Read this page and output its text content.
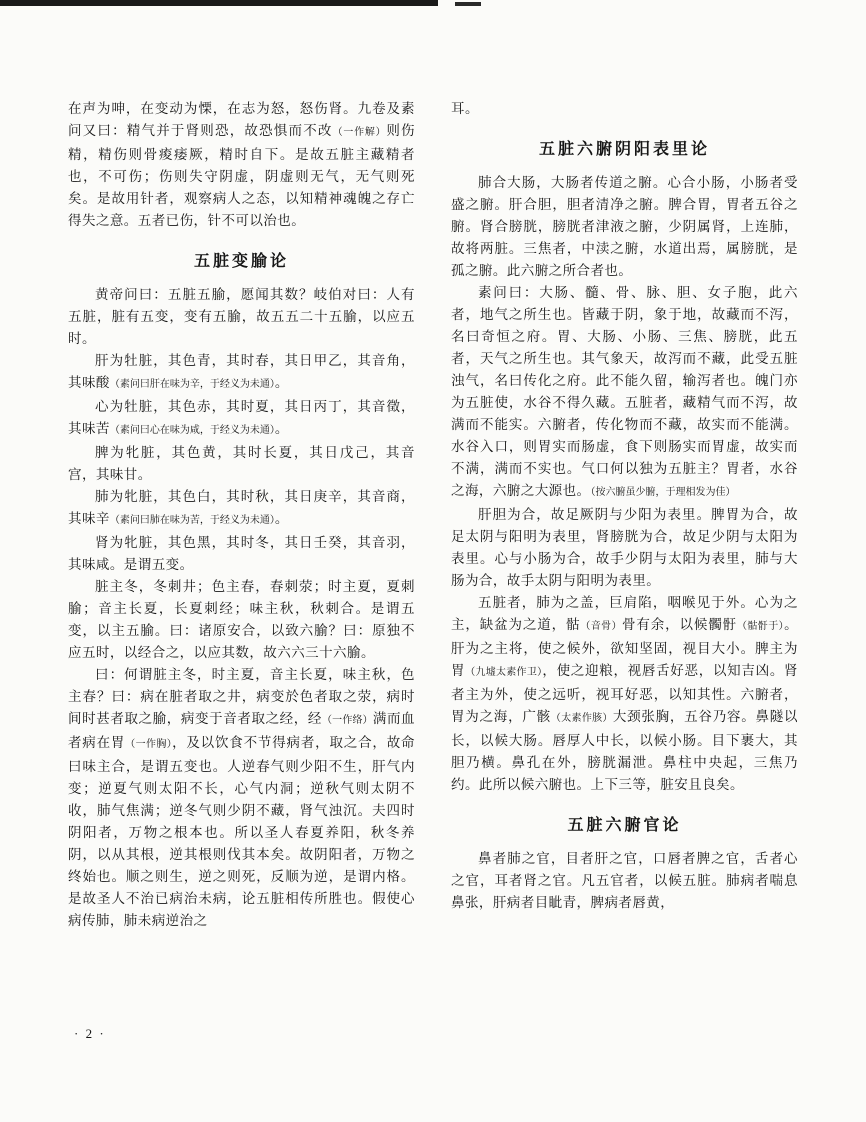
在声为呻，在变动为慄，在志为怒，怒伤肾。九卷及素问又曰：精气并于肾则恐，故恐惧而不改（一作解）则伤精，精伤则骨痠痿厥，精时自下。是故五脏主藏精者也，不可伤；伤则失守阴虚，阴虚则无气，无气则死矣。是故用针者，观察病人之态，以知精神魂魄之存亡得失之意。五者已伤，针不可以治也。

五脏变腧论

黄帝问曰：五脏五腧，愿闻其数？岐伯对曰：人有五脏，脏有五变，变有五腧，故五五二十五腧，以应五时。

肝为牡脏，其色青，其时春，其日甲乙，其音角，其味酸（素问曰肝在味为辛，于经义为未通）。

心为牡脏，其色赤，其时夏，其日丙丁，其音徵，其味苦（素问曰心在味为咸，于经义为未通）。

脾为牝脏，其色黄，其时长夏，其日戊己，其音宫，其味甘。

肺为牝脏，其色白，其时秋，其日庚辛，其音商，其味辛（素问曰肺在味为苦，于经义为未通）。

肾为牝脏，其色黑，其时冬，其日壬癸，其音羽，其味咸。是谓五变。

脏主冬，冬刺井；色主春，春刺荥；时主夏，夏刺腧；音主长夏，长夏刺经；味主秋，秋刺合。是谓五变，以主五腧。曰：诸原安合，以致六腧？曰：原独不应五时，以经合之，以应其数，故六六三十六腧。

曰：何谓脏主冬，时主夏，音主长夏，味主秋，色主春？曰：病在脏者取之井，病变於色者取之荥，病时间时甚者取之腧，病变于音者取之经，经（一作络）满而血者病在胃（一作胸），及以饮食不节得病者，取之合，故命曰味主合，是谓五变也。人逆春气则少阳不生，肝气内变；逆夏气则太阳不长，心气内洞；逆秋气则太阴不收，肺气焦满；逆冬气则少阴不藏，肾气浊沉。夫四时阴阳者，万物之根本也。所以圣人春夏养阳，秋冬养阴，以从其根，逆其根则伐其本矣。故阴阳者，万物之终始也。顺之则生，逆之则死，反顺为逆，是谓内格。是故圣人不治已病治未病，论五脏相传所胜也。假使心病传肺，肺未病逆治之

耳。

五脏六腑阴阳表里论

肺合大肠，大肠者传道之腑。心合小肠，小肠者受盛之腑。肝合胆，胆者清净之腑。脾合胃，胃者五谷之腑。肾合膀胱，膀胱者津液之腑，少阴属肾，上连肺，故将两脏。三焦者，中渎之腑，水道出焉，属膀胱，是孤之腑。此六腑之所合者也。

素问曰：大肠、髓、骨、脉、胆、女子胞，此六者，地气之所生也。皆藏于阴，象于地，故藏而不泻，名曰奇恒之府。胃、大肠、小肠、三焦、膀胱，此五者，天气之所生也。其气象天，故泻而不藏，此受五脏浊气，名曰传化之府。此不能久留，输泻者也。魄门亦为五脏使，水谷不得久藏。五脏者，藏精气而不泻，故满而不能实。六腑者，传化物而不藏，故实而不能满。水谷入口，则胃实而肠虚，食下则肠实而胃虚，故实而不满，满而不实也。气口何以独为五脏主？胃者，水谷之海，六腑之大源也。（按六腑虽少腑，于理相发为佳）

肝胆为合，故足厥阴与少阳为表里。脾胃为合，故足太阴与阳明为表里，肾膀胱为合，故足少阴与太阳为表里。心与小肠为合，故手少阴与太阳为表里，肺与大肠为合，故手太阴与阳明为表里。

五脏者，肺为之盖，巨肩陷，咽喉见于外。心为之主，缺盆为之道，骷（音骨）骨有余，以候髑骬（骷骬于）。肝为之主将，使之候外，欲知坚固，视目大小。脾主为胃（九墟太素作卫），使之迎粮，视唇舌好恶，以知吉凶。肾者主为外，使之远听，视耳好恶，以知其性。六腑者，胃为之海，广骸（太素作胲）大颈张胸，五谷乃容。鼻隧以长，以候大肠。唇厚人中长，以候小肠。目下裹大，其胆乃横。鼻孔在外，膀胱漏泄。鼻柱中央起，三焦乃约。此所以候六腑也。上下三等，脏安且良矣。

五脏六腑官论

鼻者肺之官，目者肝之官，口唇者脾之官，舌者心之官，耳者肾之官。凡五官者，以候五脏。肺病者喘息鼻张，肝病者目眦青，脾病者唇黄，

· 2 ·
